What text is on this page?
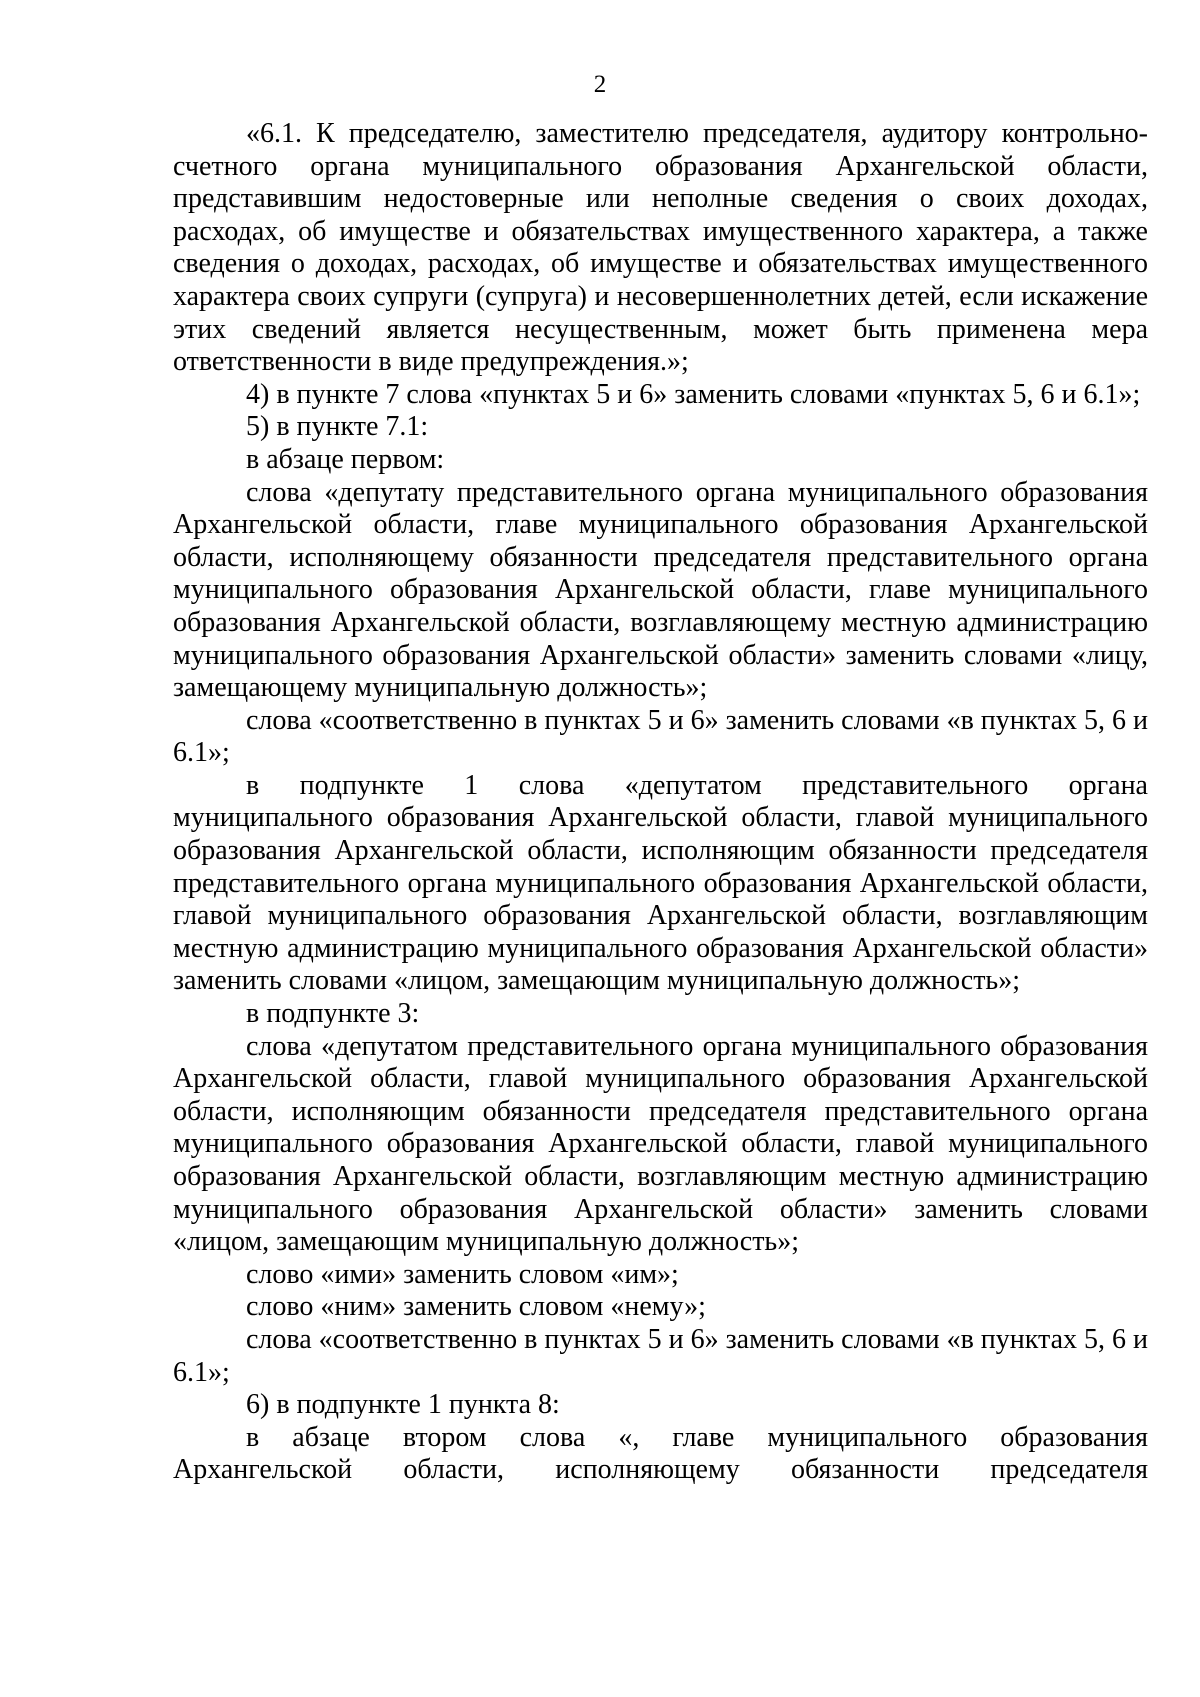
2

«6.1. К председателю, заместителю председателя, аудитору контрольно-счетного органа муниципального образования Архангельской области, представившим недостоверные или неполные сведения о своих доходах, расходах, об имуществе и обязательствах имущественного характера, а также сведения о доходах, расходах, об имуществе и обязательствах имущественного характера своих супруги (супруга) и несовершеннолетних детей, если искажение этих сведений является несущественным, может быть применена мера ответственности в виде предупреждения.»;

4) в пункте 7 слова «пунктах 5 и 6» заменить словами «пунктах 5, 6 и 6.1»;

5) в пункте 7.1:

в абзаце первом:

слова «депутату представительного органа муниципального образования Архангельской области, главе муниципального образования Архангельской области, исполняющему обязанности председателя представительного органа муниципального образования Архангельской области, главе муниципального образования Архангельской области, возглавляющему местную администрацию муниципального образования Архангельской области» заменить словами «лицу, замещающему муниципальную должность»;

слова «соответственно в пунктах 5 и 6» заменить словами «в пунктах 5, 6 и 6.1»;

в подпункте 1 слова «депутатом представительного органа муниципального образования Архангельской области, главой муниципального образования Архангельской области, исполняющим обязанности председателя представительного органа муниципального образования Архангельской области, главой муниципального образования Архангельской области, возглавляющим местную администрацию муниципального образования Архангельской области» заменить словами «лицом, замещающим муниципальную должность»;

в подпункте 3:

слова «депутатом представительного органа муниципального образования Архангельской области, главой муниципального образования Архангельской области, исполняющим обязанности председателя представительного органа муниципального образования Архангельской области, главой муниципального образования Архангельской области, возглавляющим местную администрацию муниципального образования Архангельской области» заменить словами «лицом, замещающим муниципальную должность»;

слово «ими» заменить словом «им»;

слово «ним» заменить словом «нему»;

слова «соответственно в пунктах 5 и 6» заменить словами «в пунктах 5, 6 и 6.1»;

6) в подпункте 1 пункта 8:

в абзаце втором слова «, главе муниципального образования Архангельской области, исполняющему обязанности председателя
